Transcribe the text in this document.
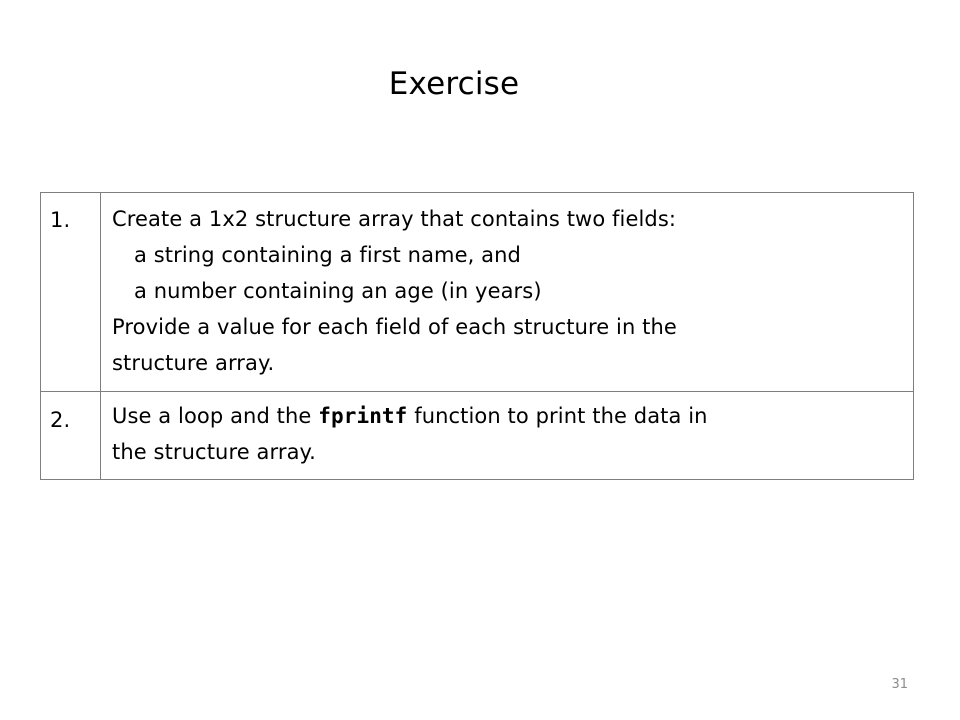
Exercise
1.	Create a 1x2 structure array that contains two fields:
a string containing a first name, and
a number containing an age (in years)
Provide a value for each field of each structure in the
structure array.

2.	Use a loop and the fprintf function to print the data in
the structure array.
31
